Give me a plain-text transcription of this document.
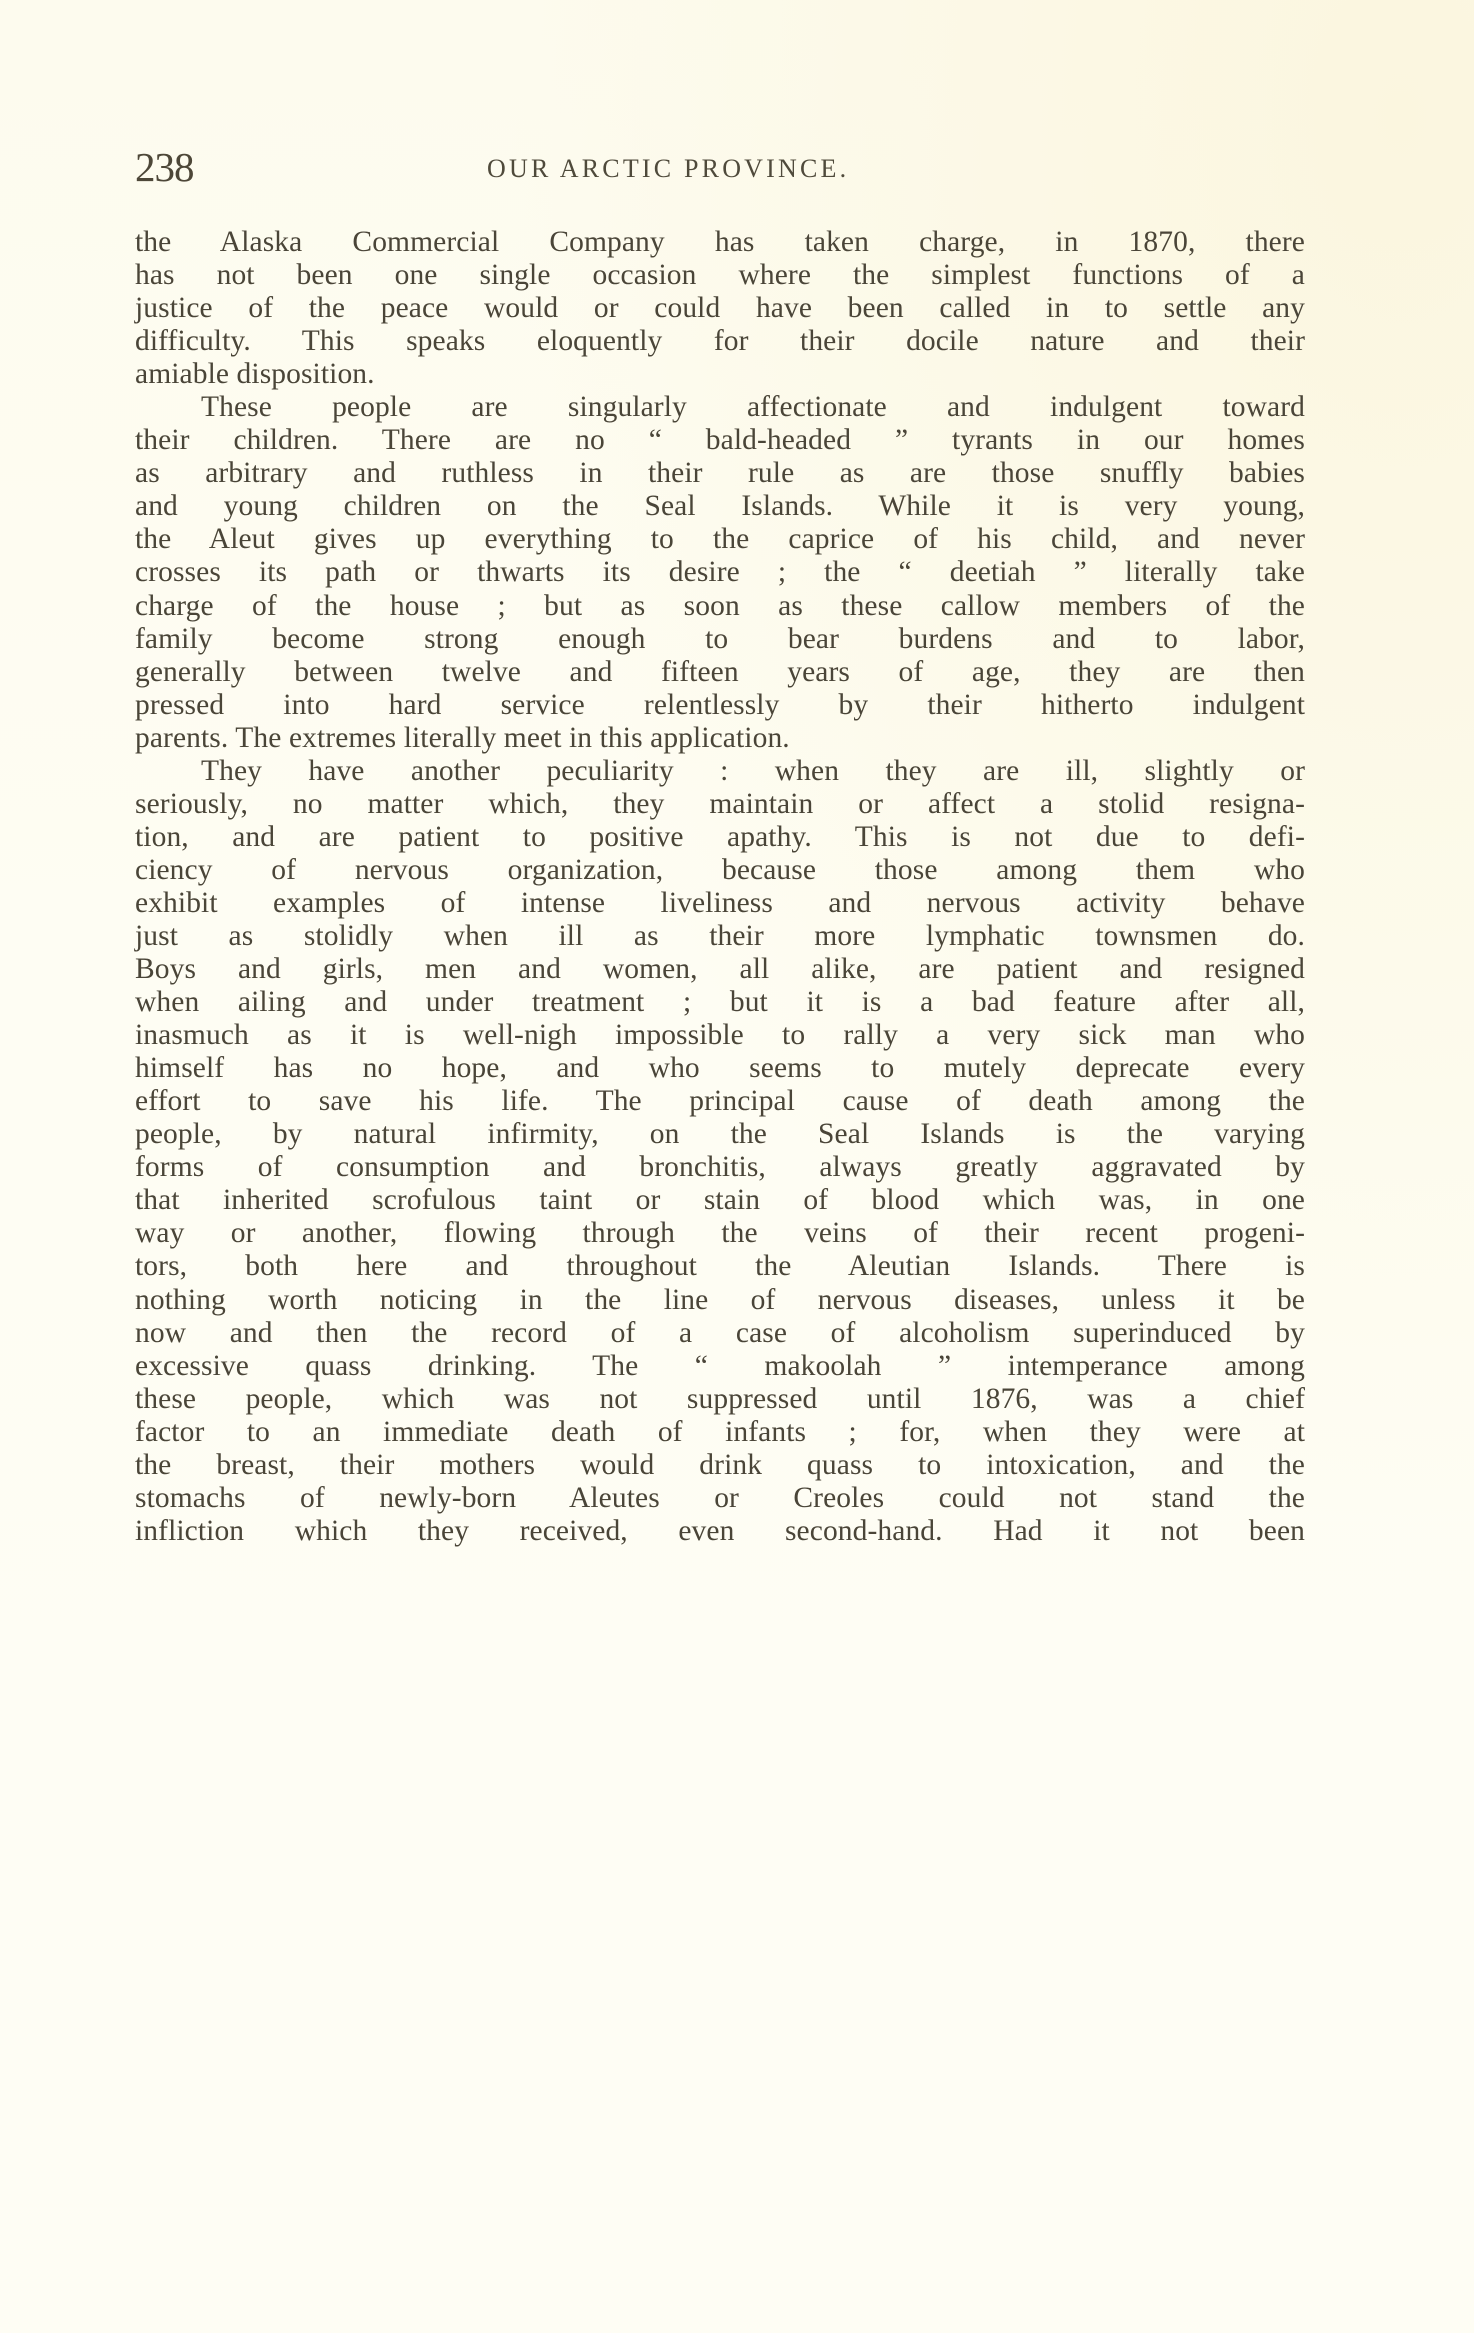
238	OUR ARCTIC PROVINCE.
the Alaska Commercial Company has taken charge, in 1870, there
has not been one single occasion where the simplest functions of a
justice of the peace would or could have been called in to settle any
difficulty. This speaks eloquently for their docile nature and their
amiable disposition.
These people are singularly affectionate and indulgent toward
their children. There are no “ bald-headed ” tyrants in our homes
as arbitrary and ruthless in their rule as are those snuffly babies
and young children on the Seal Islands. While it is very young,
the Aleut gives up everything to the caprice of his child, and never
crosses its path or thwarts its desire ; the “ deetiah ” literally take
charge of the house ; but as soon as these callow members of the
family become strong enough to bear burdens and to labor,
generally between twelve and fifteen years of age, they are then
pressed into hard service relentlessly by their hitherto indulgent
parents. The extremes literally meet in this application.
They have another peculiarity : when they are ill, slightly or
seriously, no matter which, they maintain or affect a stolid resigna-
tion, and are patient to positive apathy. This is not due to defi-
ciency of nervous organization, because those among them who
exhibit examples of intense liveliness and nervous activity behave
just as stolidly when ill as their more lymphatic townsmen do.
Boys and girls, men and women, all alike, are patient and resigned
when ailing and under treatment ; but it is a bad feature after all,
inasmuch as it is well-nigh impossible to rally a very sick man who
himself has no hope, and who seems to mutely deprecate every
effort to save his life. The principal cause of death among the
people, by natural infirmity, on the Seal Islands is the varying
forms of consumption and bronchitis, always greatly aggravated by
that inherited scrofulous taint or stain of blood which was, in one
way or another, flowing through the veins of their recent progeni-
tors, both here and throughout the Aleutian Islands. There is
nothing worth noticing in the line of nervous diseases, unless it be
now and then the record of a case of alcoholism superinduced by
excessive quass drinking. The “ makoolah ” intemperance among
these people, which was not suppressed until 1876, was a chief
factor to an immediate death of infants ; for, when they were at
the breast, their mothers would drink quass to intoxication, and the
stomachs of newly-born Aleutes or Creoles could not stand the
infliction which they received, even second-hand. Had it not been
